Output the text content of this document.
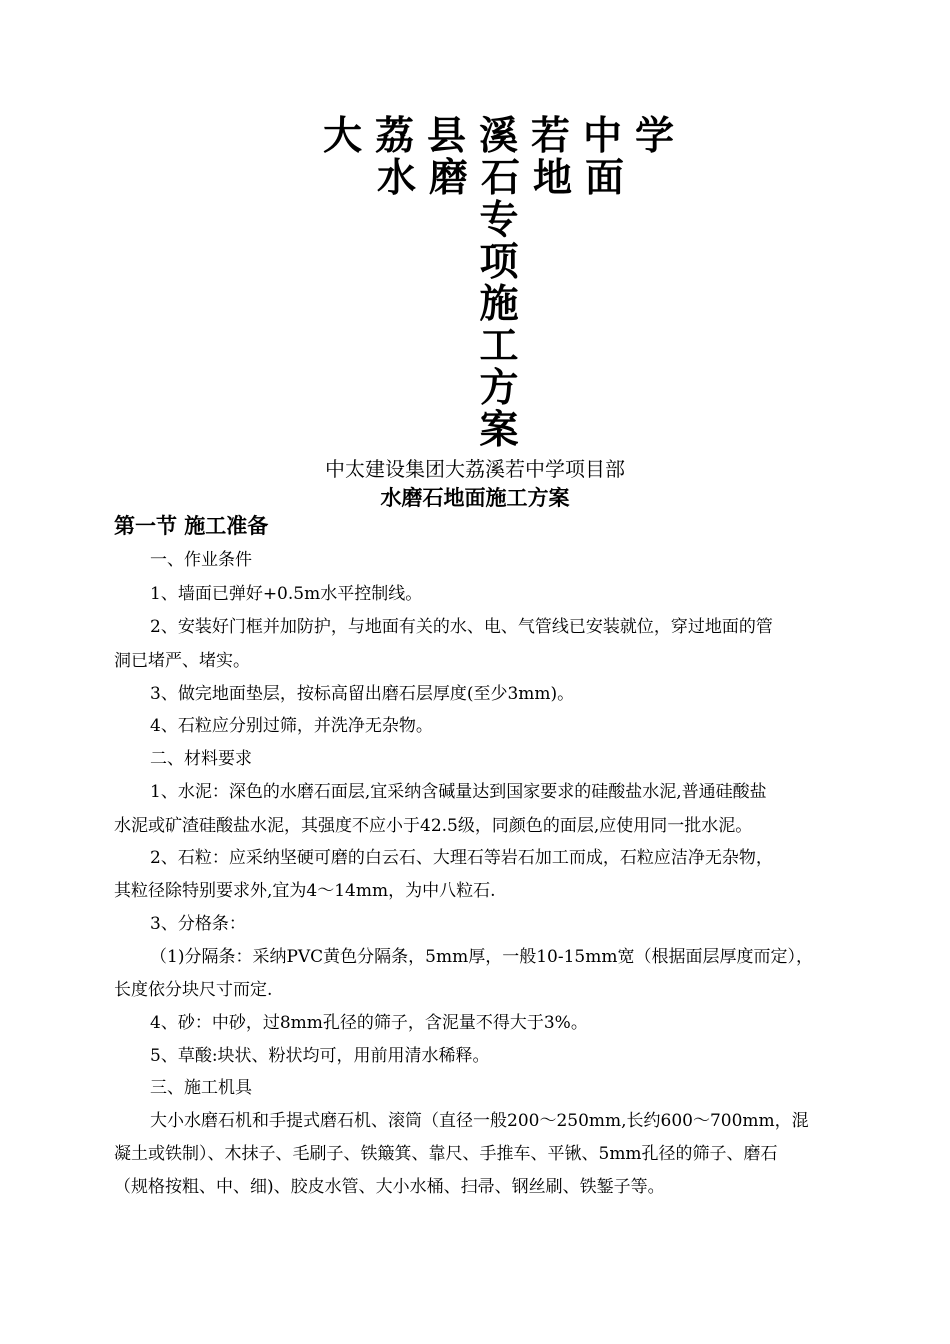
大荔县溪若中学
水磨石地面
专
项
施
工
方
案
中太建设集团大荔溪若中学项目部
水磨石地面施工方案
第一节 施工准备
一、作业条件
1、墙面已弹好+0.5m水平控制线。
2、安装好门框并加防护，与地面有关的水、电、气管线已安装就位，穿过地面的管
洞已堵严、堵实。
3、做完地面垫层，按标高留出磨石层厚度(至少3mm)。
4、石粒应分别过筛，并洗净无杂物。
二、材料要求
1、水泥：深色的水磨石面层,宜采纳含碱量达到国家要求的硅酸盐水泥,普通硅酸盐
水泥或矿渣硅酸盐水泥，其强度不应小于42.5级，同颜色的面层,应使用同一批水泥。
2、石粒：应采纳坚硬可磨的白云石、大理石等岩石加工而成，石粒应洁净无杂物，
其粒径除特别要求外,宜为4～14mm，为中八粒石.
3、分格条：
（1)分隔条：采纳PVC黄色分隔条，5mm厚，一般10-15mm宽（根据面层厚度而定），
长度依分块尺寸而定.
4、砂：中砂，过8mm孔径的筛子，含泥量不得大于3%。
5、草酸:块状、粉状均可，用前用清水稀释。
三、施工机具
大小水磨石机和手提式磨石机、滚筒（直径一般200～250mm,长约600～700mm，混
凝土或铁制）、木抹子、毛刷子、铁簸箕、靠尺、手推车、平锹、5mm孔径的筛子、磨石
（规格按粗、中、细)、胶皮水管、大小水桶、扫帚、钢丝刷、铁錾子等。
